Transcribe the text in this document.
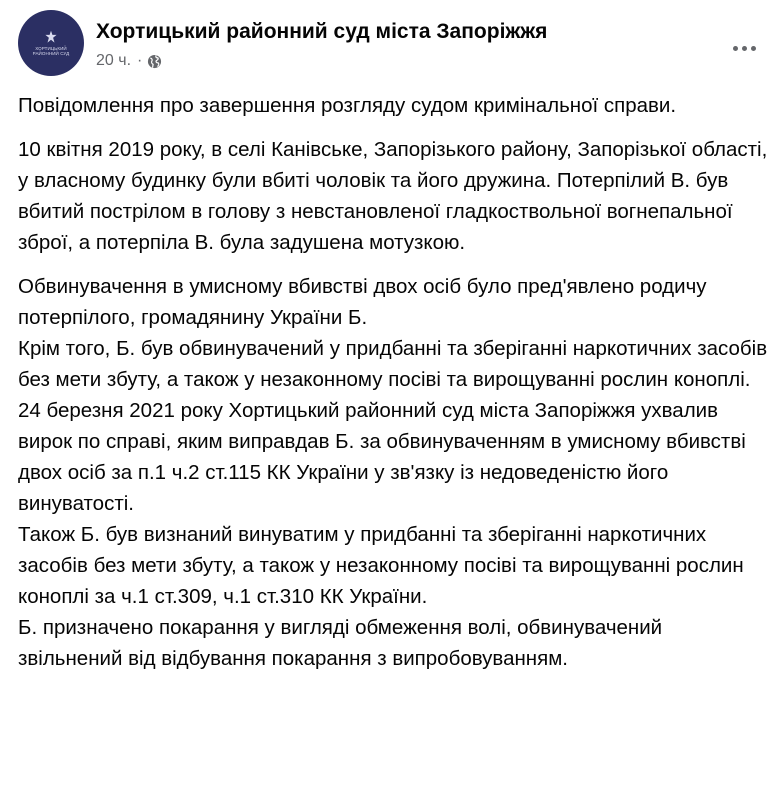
ХОРТИЦЬКИЙ
РАЙОННИЙ СУД
Хортицький районний суд міста Запоріжжя
20 ч. ·

Повідомлення про завершення розгляду судом кримінальної справи.

10 квітня 2019 року, в селі Канівське, Запорізького району, Запорізької області, у власному будинку були вбиті чоловік та його дружина. Потерпілий В. був вбитий пострілом в голову з невстановленої гладкоствольної вогнепальної зброї, а потерпіла В. була задушена мотузкою.

Обвинувачення в умисному вбивстві двох осіб було пред'явлено родичу потерпілого, громадянину України Б.

Крім того, Б. був обвинувачений у придбанні та зберіганні наркотичних засобів без мети збуту, а також у незаконному посіві та вирощуванні рослин коноплі.

24 березня 2021 року Хортицький районний суд міста Запоріжжя ухвалив вирок по справі, яким виправдав Б. за обвинуваченням в умисному вбивстві двох осіб за п.1 ч.2 ст.115 КК України у зв'язку із недоведеністю його винуватості.

Також Б. був визнаний винуватим у придбанні та зберіганні наркотичних засобів без мети збуту, а також у незаконному посіві та вирощуванні рослин коноплі за ч.1 ст.309, ч.1 ст.310 КК України.

Б. призначено покарання у вигляді обмеження волі, обвинувачений звільнений від відбування покарання з випробовуванням.
